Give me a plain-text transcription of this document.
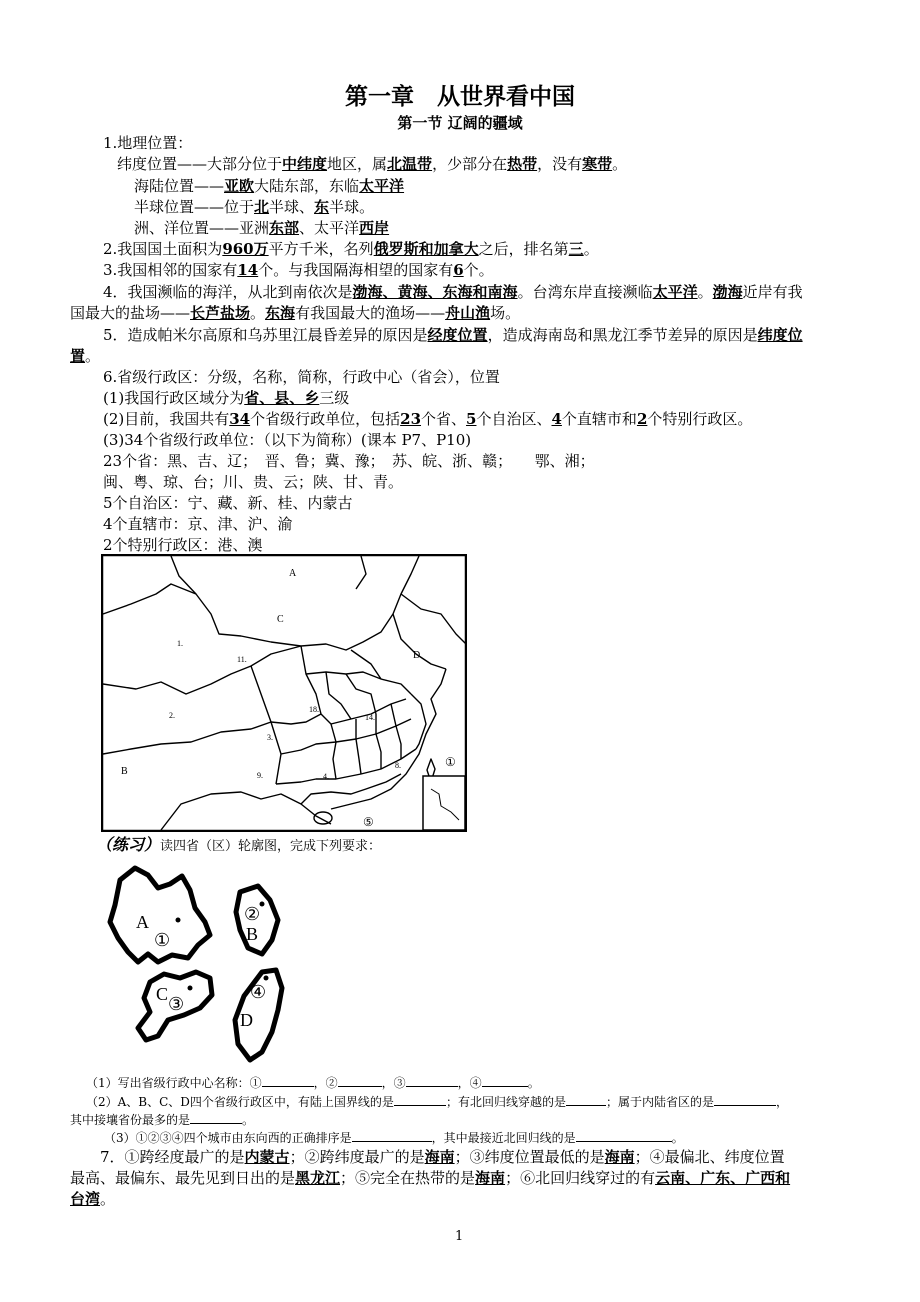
第一章　从世界看中国
第一节 辽阔的疆域
1.地理位置：
纬度位置——大部分位于中纬度地区，属北温带，少部分在热带，没有寒带。
海陆位置——亚欧大陆东部，东临太平洋
半球位置——位于北半球、东半球。
洲、洋位置——亚洲东部、太平洋西岸
2.我国国土面积为960万平方千米，名列俄罗斯和加拿大之后，排名第三。
3.我国相邻的国家有14个。与我国隔海相望的国家有6个。
4．我国濒临的海洋，从北到南依次是渤海、黄海、东海和南海。台湾东岸直接濒临太平洋。渤海近岸有我
国最大的盐场——长芦盐场。东海有我国最大的渔场——舟山渔场。
5．造成帕米尔高原和乌苏里江晨昏差异的原因是经度位置，造成海南岛和黑龙江季节差异的原因是纬度位
置。
6.省级行政区：分级，名称，简称，行政中心（省会），位置
(1)我国行政区域分为省、县、乡三级
(2)目前，我国共有34个省级行政单位，包括23个省、5个自治区、4个直辖市和2个特别行政区。
(3)34个省级行政单位：（以下为简称）(课本 P7、P10)
23个省：黑、吉、辽；　晋、鲁；冀、豫；　苏、皖、浙、赣；　　鄂、湘；
闽、粤、琼、台；川、贵、云；陕、甘、青。
5个自治区：宁、藏、新、桂、内蒙古
4个直辖市：京、津、沪、渝
2个特别行政区：港、澳
A
C
D
B
1.
2.
3.
4.
8.
9.
11.
14.
18.
①
⑤
（练习）读四省（区）轮廓图，完成下列要求：
A
①
②
B
C ③
④
D
（1）写出省级行政中心名称：①	，②	，③	，④	。
（2）A、B、C、D四个省级行政区中，有陆上国界线的是	；有北回归线穿越的是	；属于内陆省区的是	，
其中接壤省份最多的是	。
（3）①②③④四个城市由东向西的正确排序是	，其中最接近北回归线的是	。
7．①跨经度最广的是内蒙古；②跨纬度最广的是海南；③纬度位置最低的是海南；④最偏北、纬度位置
最高、最偏东、最先见到日出的是黑龙江；⑤完全在热带的是海南；⑥北回归线穿过的有云南、广东、广西和
台湾。
1
